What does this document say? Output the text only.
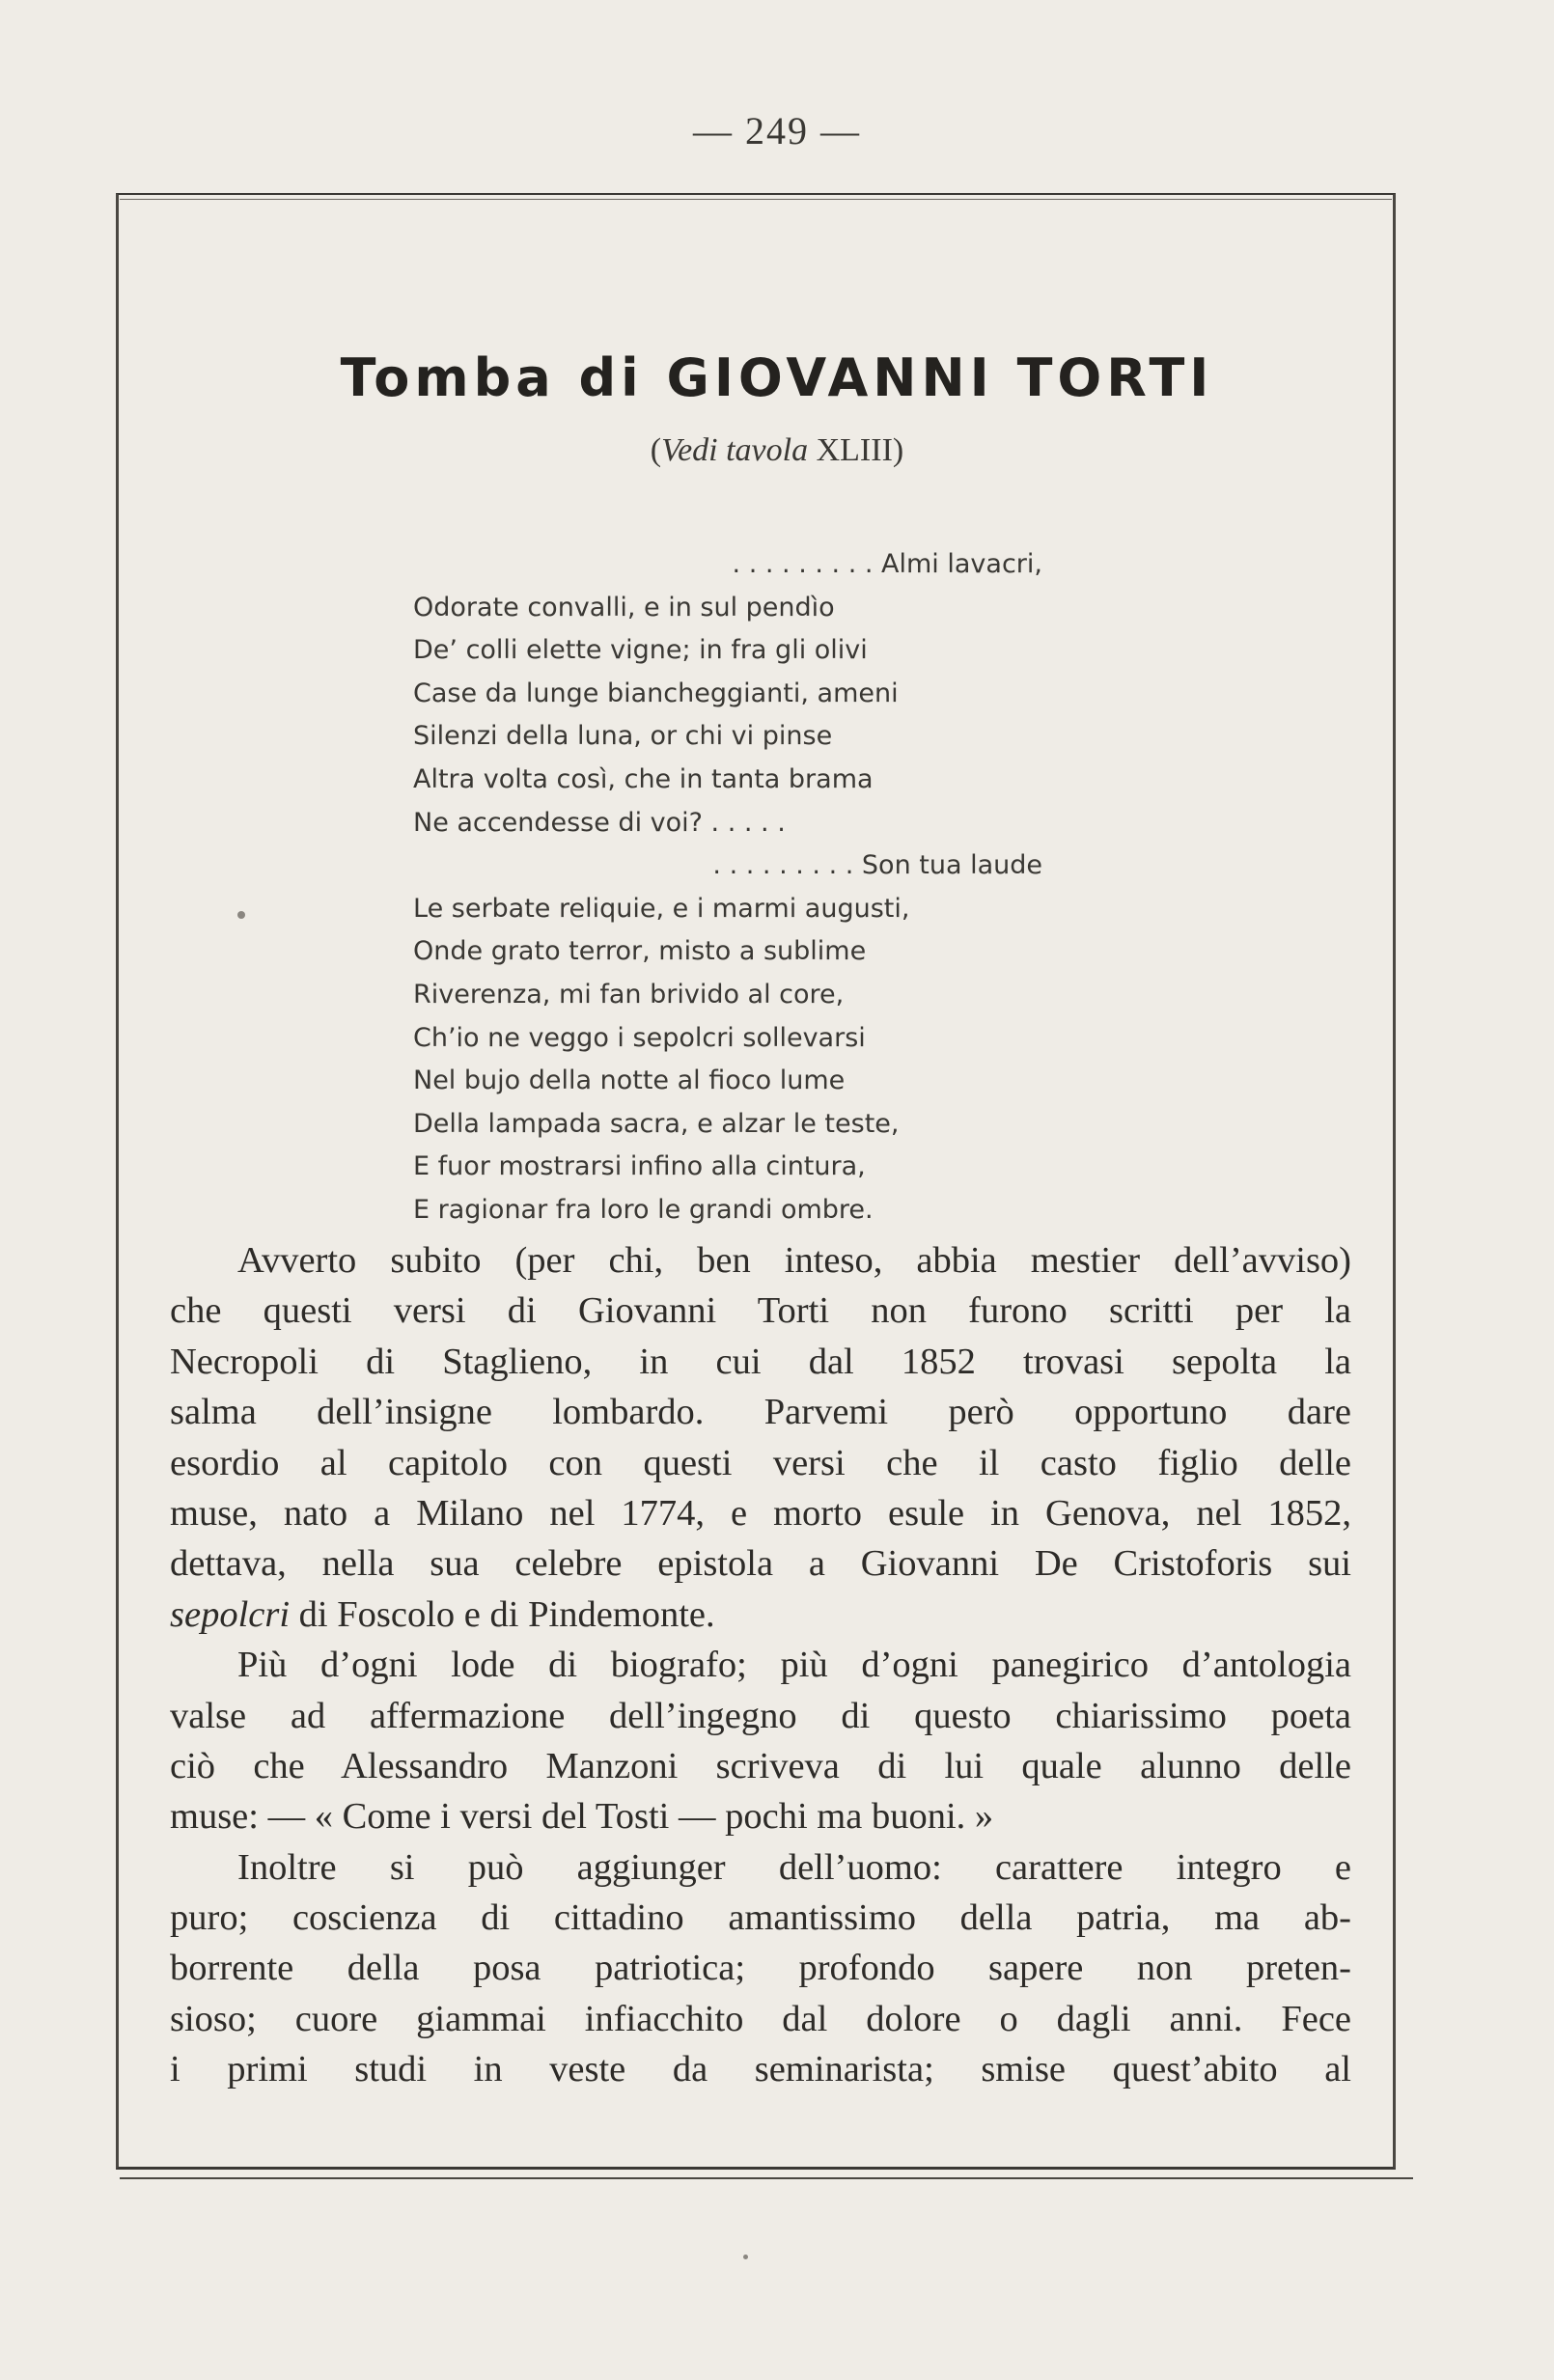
— 249 —
Tomba di GIOVANNI TORTI
(Vedi tavola XLIII)
. . . . . . . . . Almi lavacri,
Odorate convalli, e in sul pendìo
De’ colli elette vigne; in fra gli olivi
Case da lunge biancheggianti, ameni
Silenzi della luna, or chi vi pinse
Altra volta così, che in tanta brama
Ne accendesse di voi? . . . . .
. . . . . . . . . Son tua laude
Le serbate reliquie, e i marmi augusti,
Onde grato terror, misto a sublime
Riverenza, mi fan brivido al core,
Ch’io ne veggo i sepolcri sollevarsi
Nel bujo della notte al fioco lume
Della lampada sacra, e alzar le teste,
E fuor mostrarsi infino alla cintura,
E ragionar fra loro le grandi ombre.
Avverto subito (per chi, ben inteso, abbia mestier dell’avviso)
che questi versi di Giovanni Torti non furono scritti per la
Necropoli di Staglieno, in cui dal 1852 trovasi sepolta la
salma dell’insigne lombardo. Parvemi però opportuno dare
esordio al capitolo con questi versi che il casto figlio delle
muse, nato a Milano nel 1774, e morto esule in Genova, nel 1852,
dettava, nella sua celebre epistola a Giovanni De Cristoforis sui
sepolcri di Foscolo e di Pindemonte.
Più d’ogni lode di biografo; più d’ogni panegirico d’antologia
valse ad affermazione dell’ingegno di questo chiarissimo poeta
ciò che Alessandro Manzoni scriveva di lui quale alunno delle
muse: — « Come i versi del Tosti — pochi ma buoni. »
Inoltre si può aggiunger dell’uomo: carattere integro e
puro; coscienza di cittadino amantissimo della patria, ma ab-
borrente della posa patriotica; profondo sapere non preten-
sioso; cuore giammai infiacchito dal dolore o dagli anni. Fece
i primi studi in veste da seminarista; smise quest’abito al
